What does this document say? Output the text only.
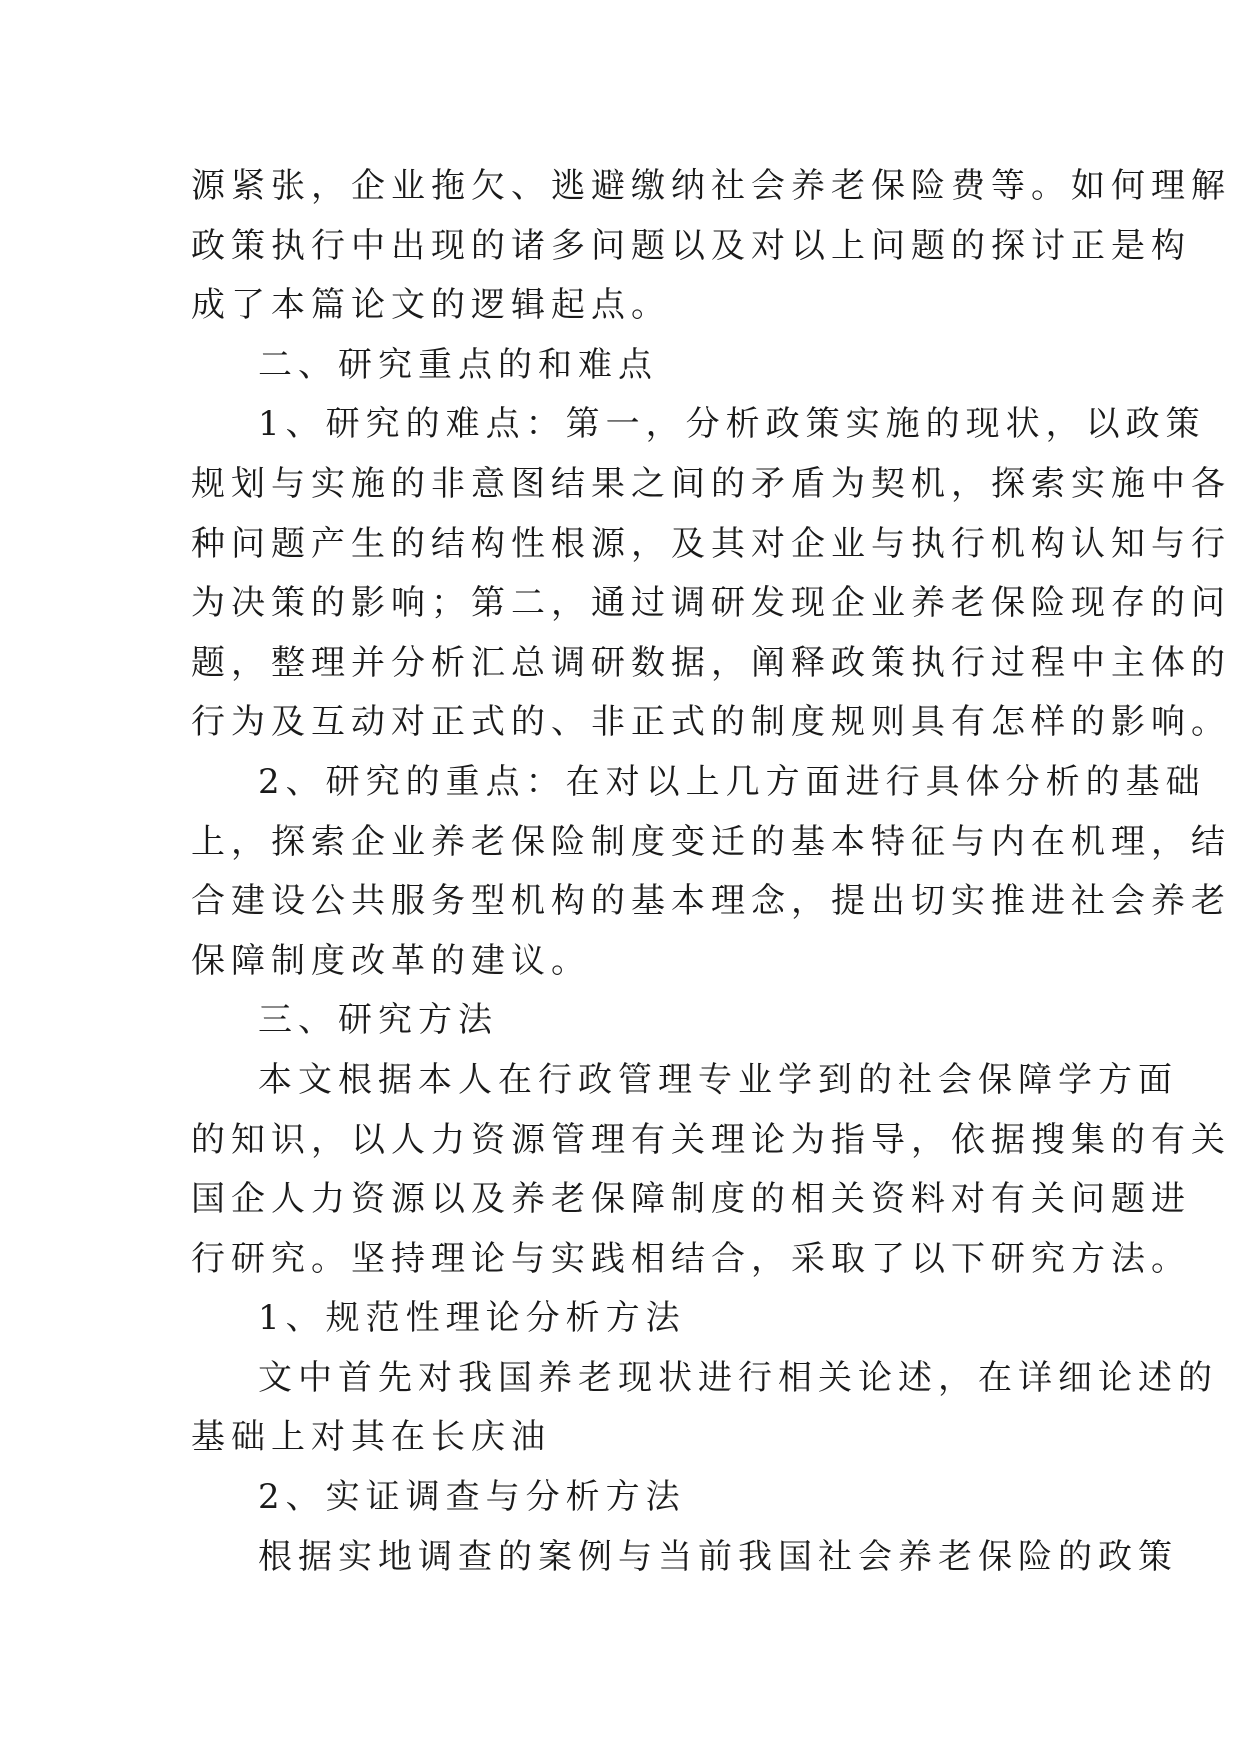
源紧张，企业拖欠、逃避缴纳社会养老保险费等。如何理解
政策执行中出现的诸多问题以及对以上问题的探讨正是构
成了本篇论文的逻辑起点。
二、研究重点的和难点
1、研究的难点：第一，分析政策实施的现状，以政策
规划与实施的非意图结果之间的矛盾为契机，探索实施中各
种问题产生的结构性根源，及其对企业与执行机构认知与行
为决策的影响；第二，通过调研发现企业养老保险现存的问
题，整理并分析汇总调研数据，阐释政策执行过程中主体的
行为及互动对正式的、非正式的制度规则具有怎样的影响。
2、研究的重点：在对以上几方面进行具体分析的基础
上，探索企业养老保险制度变迁的基本特征与内在机理，结
合建设公共服务型机构的基本理念，提出切实推进社会养老
保障制度改革的建议。
三、研究方法
本文根据本人在行政管理专业学到的社会保障学方面
的知识，以人力资源管理有关理论为指导，依据搜集的有关
国企人力资源以及养老保障制度的相关资料对有关问题进
行研究。坚持理论与实践相结合，采取了以下研究方法。
1、规范性理论分析方法
文中首先对我国养老现状进行相关论述，在详细论述的
基础上对其在长庆油
2、实证调查与分析方法
根据实地调查的案例与当前我国社会养老保险的政策
